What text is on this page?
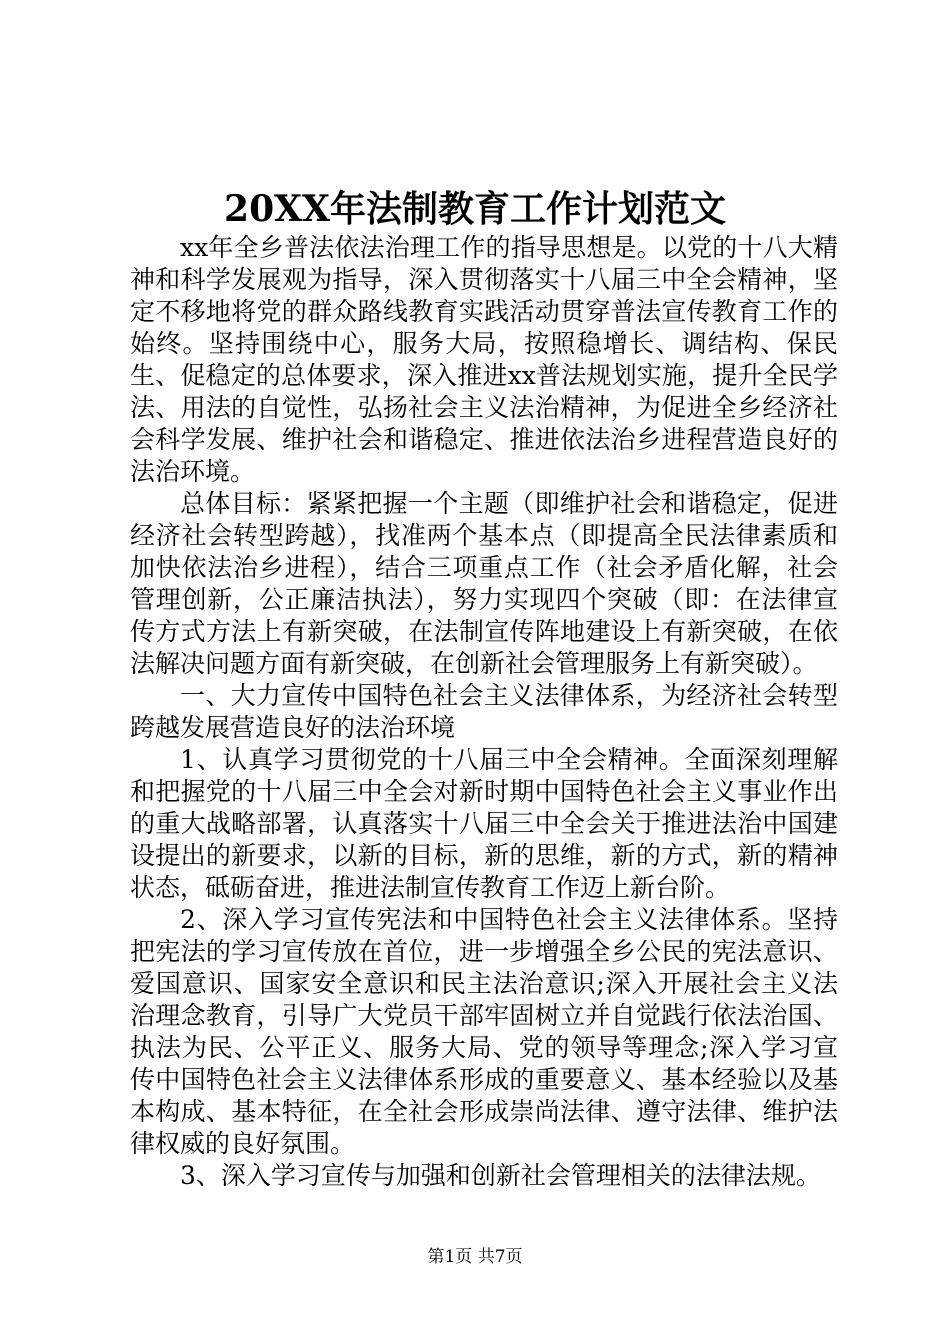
20XX年法制教育工作计划范文

xx年全乡普法依法治理工作的指导思想是。以党的十八大精神和科学发展观为指导，深入贯彻落实十八届三中全会精神，坚定不移地将党的群众路线教育实践活动贯穿普法宣传教育工作的始终。坚持围绕中心，服务大局，按照稳增长、调结构、保民生、促稳定的总体要求，深入推进xx普法规划实施，提升全民学法、用法的自觉性，弘扬社会主义法治精神，为促进全乡经济社会科学发展、维护社会和谐稳定、推进依法治乡进程营造良好的法治环境。

总体目标：紧紧把握一个主题（即维护社会和谐稳定，促进经济社会转型跨越），找准两个基本点（即提高全民法律素质和加快依法治乡进程），结合三项重点工作（社会矛盾化解，社会管理创新，公正廉洁执法），努力实现四个突破（即：在法律宣传方式方法上有新突破，在法制宣传阵地建设上有新突破，在依法解决问题方面有新突破，在创新社会管理服务上有新突破）。

一、大力宣传中国特色社会主义法律体系，为经济社会转型跨越发展营造良好的法治环境

1、认真学习贯彻党的十八届三中全会精神。全面深刻理解和把握党的十八届三中全会对新时期中国特色社会主义事业作出的重大战略部署，认真落实十八届三中全会关于推进法治中国建设提出的新要求，以新的目标，新的思维，新的方式，新的精神状态，砥砺奋进，推进法制宣传教育工作迈上新台阶。

2、深入学习宣传宪法和中国特色社会主义法律体系。坚持把宪法的学习宣传放在首位，进一步增强全乡公民的宪法意识、爱国意识、国家安全意识和民主法治意识;深入开展社会主义法治理念教育，引导广大党员干部牢固树立并自觉践行依法治国、执法为民、公平正义、服务大局、党的领导等理念;深入学习宣传中国特色社会主义法律体系形成的重要意义、基本经验以及基本构成、基本特征，在全社会形成崇尚法律、遵守法律、维护法律权威的良好氛围。

3、深入学习宣传与加强和创新社会管理相关的法律法规。

第1页 共7页
